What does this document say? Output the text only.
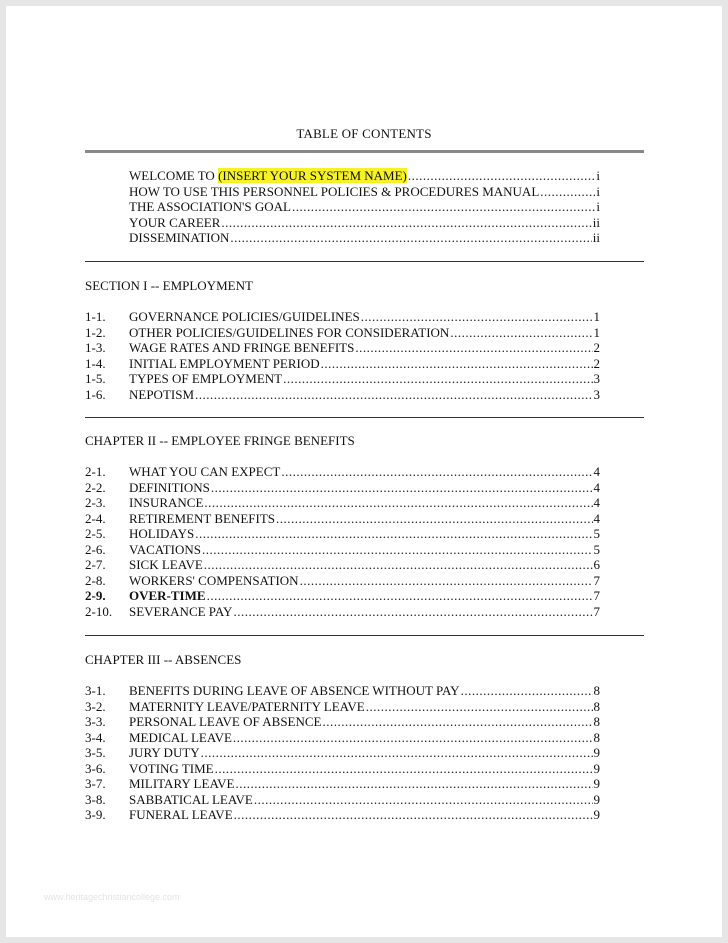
TABLE OF CONTENTS
WELCOME TO (INSERT YOUR SYSTEM NAME) .....	i
HOW TO USE THIS PERSONNEL POLICIES & PROCEDURES MANUAL .....	i
THE ASSOCIATION'S GOAL .....	i
YOUR CAREER .....	ii
DISSEMINATION .....	ii
SECTION I -- EMPLOYMENT
1-1.	GOVERNANCE POLICIES/GUIDELINES .....	1
1-2.	OTHER POLICIES/GUIDELINES FOR CONSIDERATION .....	1
1-3.	WAGE RATES AND FRINGE BENEFITS .....	2
1-4.	INITIAL EMPLOYMENT PERIOD .....	2
1-5.	TYPES OF EMPLOYMENT .....	3
1-6.	NEPOTISM .....	3
CHAPTER II -- EMPLOYEE FRINGE BENEFITS
2-1.	WHAT YOU CAN EXPECT .....	4
2-2.	DEFINITIONS .....	4
2-3.	INSURANCE .....	4
2-4.	RETIREMENT BENEFITS .....	4
2-5.	HOLIDAYS .....	5
2-6.	VACATIONS .....	5
2-7.	SICK LEAVE .....	6
2-8.	WORKERS' COMPENSATION .....	7
2-9.	OVER-TIME .....	7
2-10.	SEVERANCE PAY .....	7
CHAPTER III -- ABSENCES
3-1.	BENEFITS DURING LEAVE OF ABSENCE WITHOUT PAY .....	8
3-2.	MATERNITY LEAVE/PATERNITY LEAVE .....	8
3-3.	PERSONAL LEAVE OF ABSENCE .....	8
3-4.	MEDICAL LEAVE .....	8
3-5.	JURY DUTY .....	9
3-6.	VOTING TIME .....	9
3-7.	MILITARY LEAVE .....	9
3-8.	SABBATICAL LEAVE .....	9
3-9.	FUNERAL LEAVE .....	9
www.heritagechristiancollege.com
